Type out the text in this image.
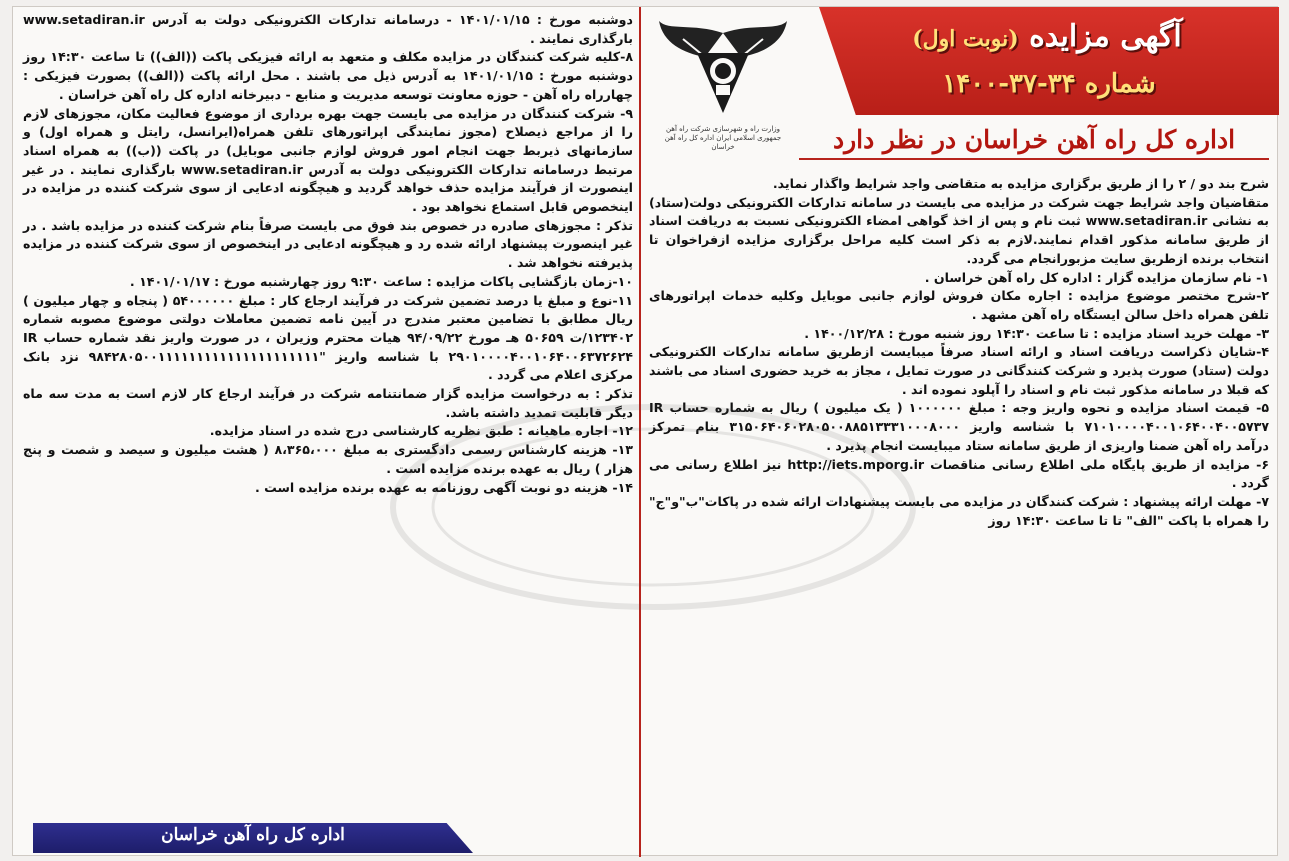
دوشنبه مورخ : ۱۴۰۱/۰۱/۱۵ - درسامانه تدارکات الکترونیکی دولت به آدرس www.setadiran.ir بارگذاری نمایند .

۸-کلیه شرکت کنندگان در مزایده مکلف و متعهد به ارائه فیزیکی پاکت ((الف)) تا ساعت ۱۴:۳۰ روز دوشنبه مورخ : ۱۴۰۱/۰۱/۱۵ به آدرس ذیل می باشند . محل ارائه پاکت ((الف)) بصورت فیزیکی : چهارراه راه آهن - حوزه معاونت توسعه مدیریت و منابع - دبیرخانه اداره کل راه آهن خراسان .

۹- شرکت کنندگان در مزایده می بایست جهت بهره برداری از موضوع فعالیت مکان، مجوزهای لازم را از مراجع ذیصلاح (مجوز نمایندگی اپراتورهای تلفن همراه(ایرانسل، رایتل و همراه اول) و سازمانهای ذیربط جهت انجام امور فروش لوازم جانبی موبایل) در پاکت ((ب)) به همراه اسناد مرتبط درسامانه تدارکات الکترونیکی دولت به آدرس www.setadiran.ir بارگذاری نمایند . در غیر اینصورت از فرآیند مزایده حذف خواهد گردید و هیچگونه ادعایی از سوی شرکت کننده در مزایده در اینخصوص قابل استماع نخواهد بود .

تذکر : مجوزهای صادره در خصوص بند فوق می بایست صرفاً بنام شرکت کننده در مزایده باشد . در غیر اینصورت پیشنهاد ارائه شده رد و هیچگونه ادعایی در اینخصوص از سوی شرکت کننده در مزایده پذیرفته نخواهد شد .

۱۰-زمان بازگشایی پاکات مزایده : ساعت ۹:۳۰ روز چهارشنبه مورخ : ۱۴۰۱/۰۱/۱۷ .

۱۱-نوع و مبلغ یا درصد تضمین شرکت در فرآیند ارجاع کار : مبلغ ۵۴۰۰۰۰۰۰ ( پنجاه و چهار میلیون ) ریال مطابق با تضامین معتبر مندرج در آیین نامه تضمین معاملات دولتی موضوع مصوبه شماره ۱۲۳۴۰۲/ت ۵۰۶۵۹ هـ مورخ ۹۴/۰۹/۲۲ هیات محترم وزیران ، در صورت واریز نقد شماره حساب IR ۲۹۰۱۰۰۰۰۴۰۰۱۰۶۴۰۰۶۳۷۲۶۲۴ با شناسه واریز "۹۸۴۲۸۰۵۰۰۱۱۱۱۱۱۱۱۱۱۱۱۱۱۱۱۱۱۱۱۱ نزد بانک مرکزی اعلام می گردد .

تذکر : به درخواست مزایده گزار ضمانتنامه شرکت در فرآیند ارجاع کار لازم است به مدت سه ماه دیگر قابلیت تمدید داشته باشد.

۱۲- اجاره ماهیانه : طبق نظریه کارشناسی درج شده در اسناد مزایده.

۱۳- هزینه کارشناس رسمی دادگستری به مبلغ ۸،۳۶۵،۰۰۰ ( هشت میلیون و سیصد و شصت و پنج هزار ) ریال به عهده برنده مزایده است .

۱۴- هزینه دو نوبت آگهی روزنامه به عهده برنده مزایده است .

اداره کل راه آهن خراسان
آگهی مزایده (نوبت اول)
شماره ۳۴-۳۷-۱۴۰۰
وزارت راه و شهرسازی شرکت راه آهن جمهوری اسلامی ایران اداره کل راه آهن خراسان	اداره کل راه آهن خراسان در نظر دارد

شرح بند دو / ۲ را از طریق برگزاری مزایده به متقاضی واجد شرایط واگذار نماید.

متقاضیان واجد شرایط جهت شرکت در مزایده می بایست در سامانه تدارکات الکترونیکی دولت(ستاد) به نشانی www.setadiran.ir ثبت نام و پس از اخذ گواهی امضاء الکترونیکی نسبت به دریافت اسناد از طریق سامانه مذکور اقدام نمایند.لازم به ذکر است کلیه مراحل برگزاری مزایده ازفراخوان تا انتخاب برنده ازطریق سایت مزبورانجام می گردد.

۱- نام سازمان مزایده گزار : اداره کل راه آهن خراسان .

۲-شرح مختصر موضوع مزایده : اجاره مکان فروش لوازم جانبی موبایل وکلیه خدمات اپراتورهای تلفن همراه داخل سالن ایستگاه راه آهن مشهد .

۳- مهلت خرید اسناد مزایده : تا ساعت ۱۴:۳۰ روز شنبه مورخ : ۱۴۰۰/۱۲/۲۸ .

۴-شایان ذکراست دریافت اسناد و ارائه اسناد صرفاً میبایست ازطریق سامانه تدارکات الکترونیکی دولت (ستاد) صورت پذیرد و شرکت کنندگانی در صورت تمایل ، مجاز به خرید حضوری اسناد می باشند که قبلا در سامانه مذکور ثبت نام و اسناد را آپلود نموده اند .

۵- قیمت اسناد مزایده و نحوه واریز وجه : مبلغ ۱۰۰۰۰۰۰ ( یک میلیون ) ریال به شماره حساب IR ۷۱۰۱۰۰۰۰۴۰۰۱۰۶۴۰۰۴۰۰۵۷۳۷ با شناسه واریز ۳۱۵۰۶۴۰۶۰۲۸۰۵۰۰۸۸۵۱۳۳۳۱۰۰۰۸۰۰۰ بنام تمرکز درآمد راه آهن ضمنا واریزی از طریق سامانه ستاد میبایست انجام پذیرد .

۶- مزایده از طریق پایگاه ملی اطلاع رسانی مناقصات http://iets.mporg.ir نیز اطلاع رسانی می گردد .

۷- مهلت ارائه پیشنهاد : شرکت کنندگان در مزایده می بایست پیشنهادات ارائه شده در پاکات"ب"و"ج" را همراه با پاکت "الف" تا تا ساعت ۱۴:۳۰ روز
